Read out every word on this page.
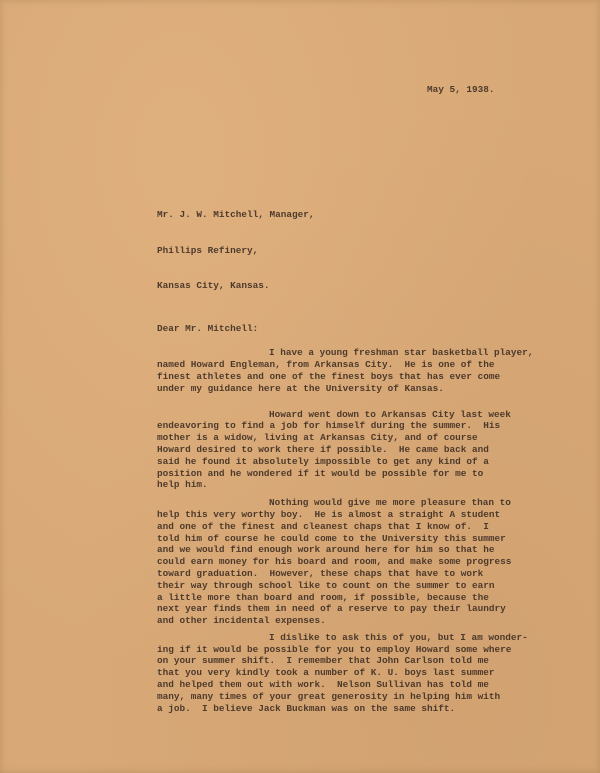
May 5, 1938.

Mr. J. W. Mitchell, Manager,

Phillips Refinery,

Kansas City, Kansas.

Dear Mr. Mitchell:
I have a young freshman star basketball player,
named Howard Engleman, from Arkansas City.  He is one of the
finest athletes and one of the finest boys that has ever come
under my guidance here at the University of Kansas.
Howard went down to Arkansas City last week
endeavoring to find a job for himself during the summer.  His
mother is a widow, living at Arkansas City, and of course
Howard desired to work there if possible.  He came back and
said he found it absolutely impossible to get any kind of a
position and he wondered if it would be possible for me to
help him.
Nothing would give me more pleasure than to
help this very worthy boy.  He is almost a straight A student
and one of the finest and cleanest chaps that I know of.  I
told him of course he could come to the University this summer
and we would find enough work around here for him so that he
could earn money for his board and room, and make some progress
toward graduation.  However, these chaps that have to work
their way through school like to count on the summer to earn
a little more than board and room, if possible, because the
next year finds them in need of a reserve to pay their laundry
and other incidental expenses.
I dislike to ask this of you, but I am wonder-
ing if it would be possible for you to employ Howard some where
on your summer shift.  I remember that John Carlson told me
that you very kindly took a number of K. U. boys last summer
and helped them out with work.  Nelson Sullivan has told me
many, many times of your great generosity in helping him with
a job.  I believe Jack Buckman was on the same shift.
